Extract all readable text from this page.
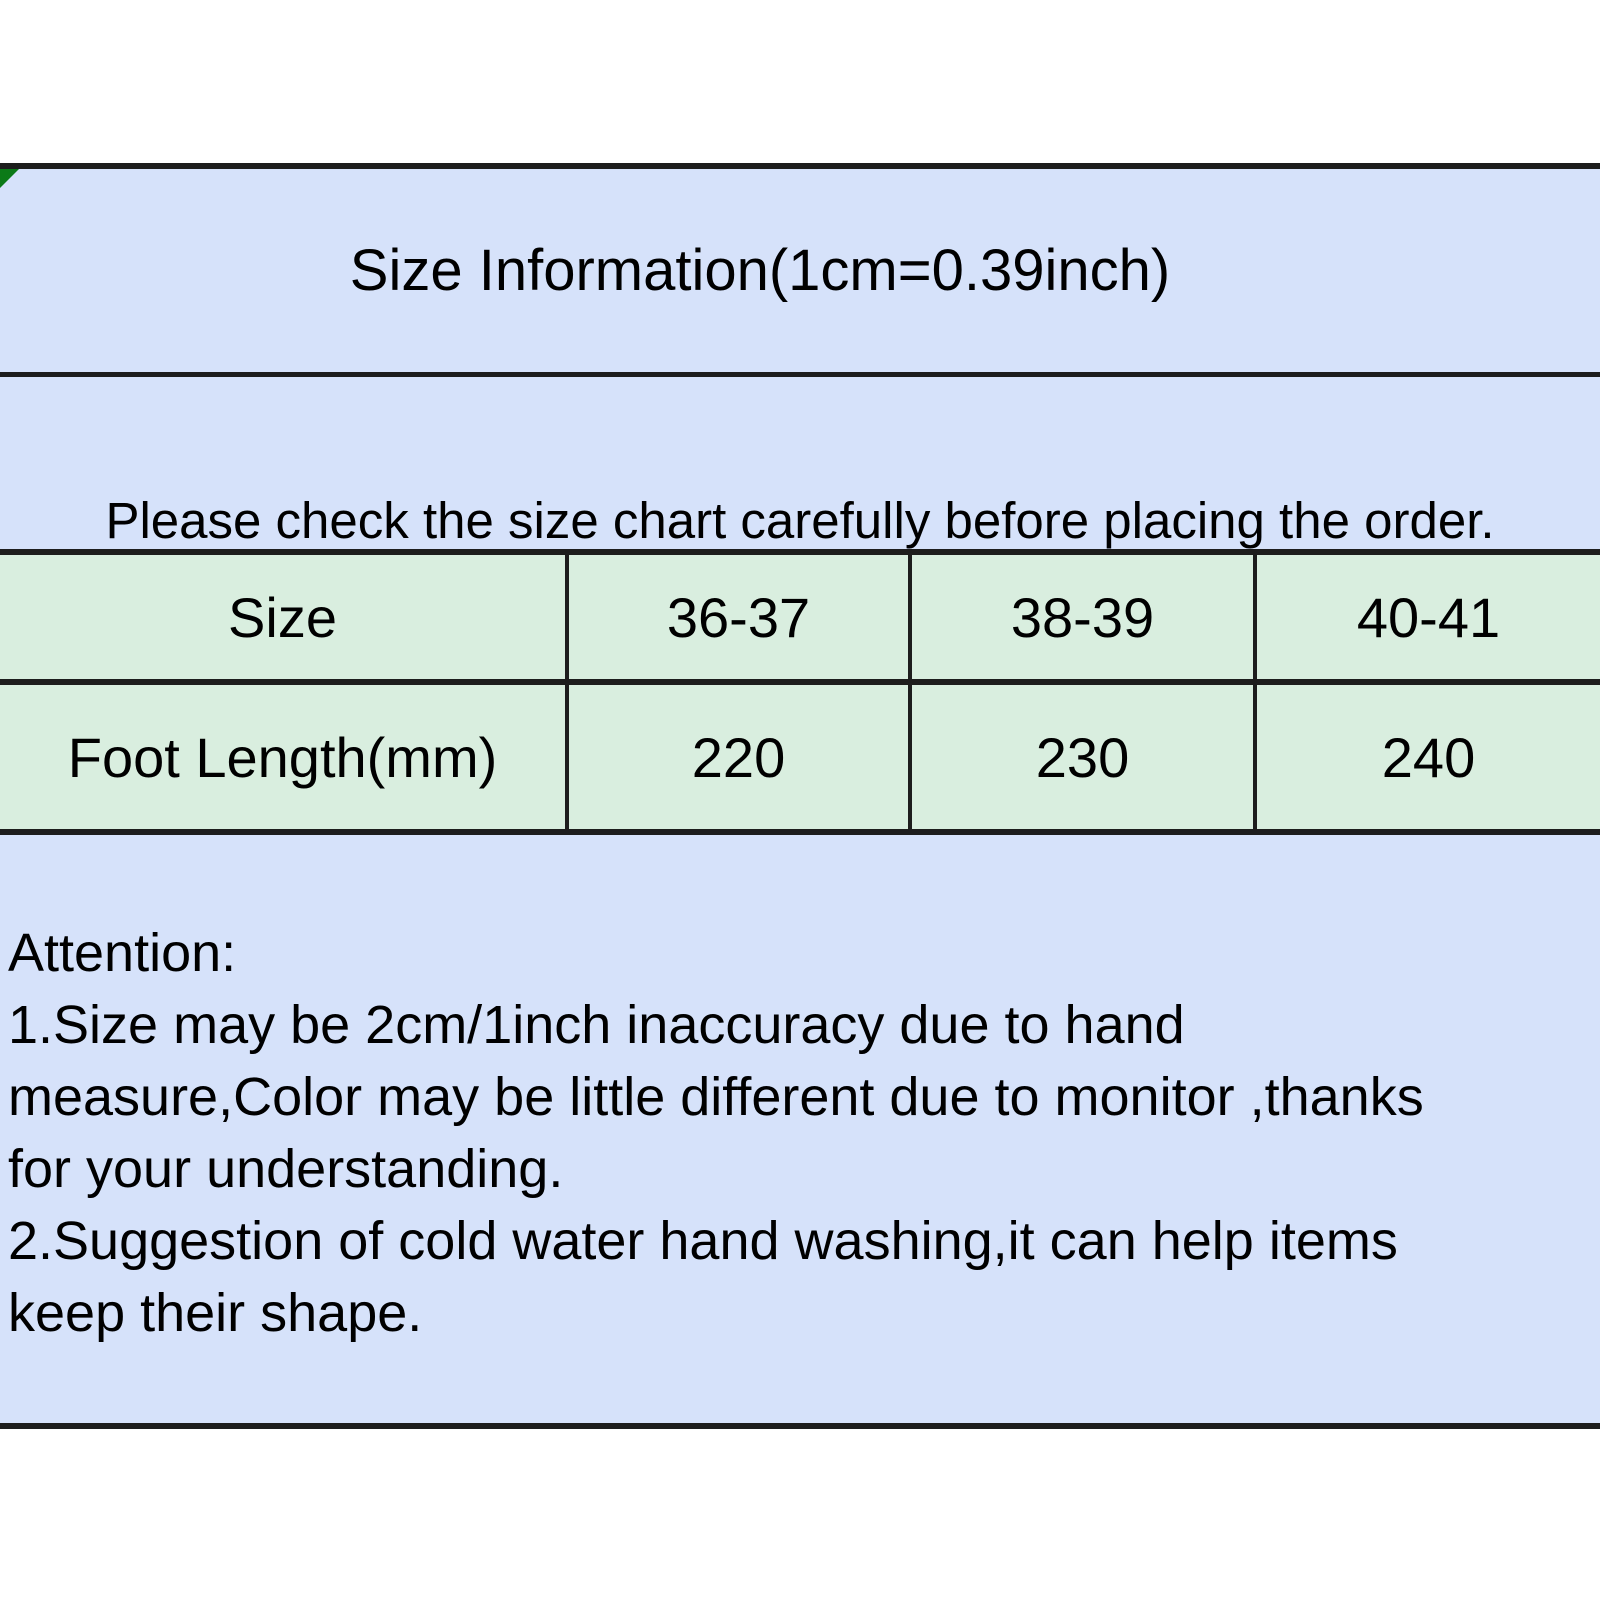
Size Information(1cm=0.39inch)

Please check the size chart carefully before placing the order.

Size	36-37	38-39	40-41
Foot Length(mm)	220	230	240
Attention:
1.Size may be 2cm/1inch inaccuracy due to hand
measure,Color may be little different due to monitor ,thanks
for your understanding.
2.Suggestion of cold water hand washing,it can help items
keep their shape.
